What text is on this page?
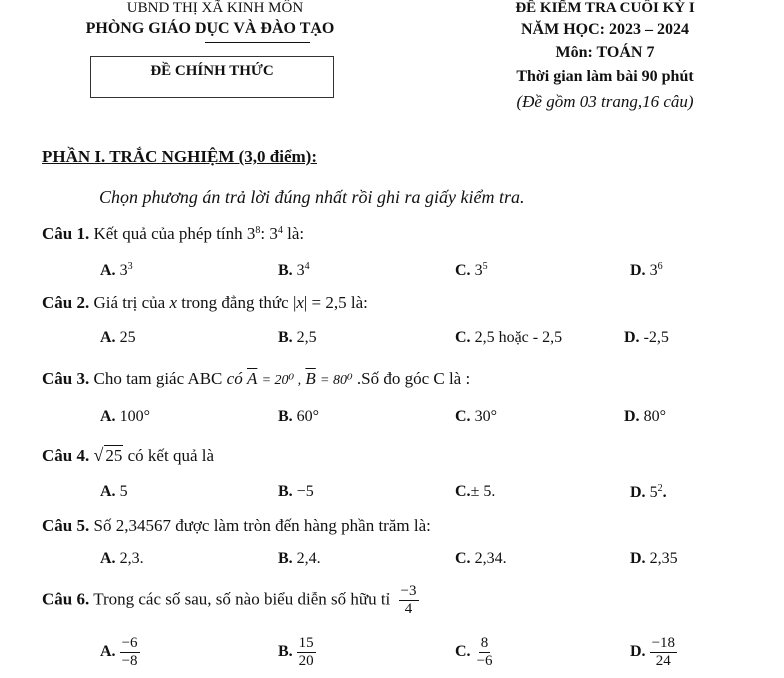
UBND THỊ XÃ KINH MÔN
PHÒNG GIÁO DỤC VÀ ĐÀO TẠO
ĐỀ CHÍNH THỨC
ĐỀ KIỂM TRA CUỐI KỲ I
NĂM HỌC: 2023 – 2024
Môn: TOÁN 7
Thời gian làm bài 90 phút
(Đề gồm 03 trang,16 câu)
PHẦN I. TRẮC NGHIỆM (3,0 điểm):
Chọn phương án trả lời đúng nhất rồi ghi ra giấy kiểm tra.
Câu 1. Kết quả của phép tính $3^8$: $3^4$ là:
A. $3^3$	B. $3^4$	C. $3^5$	D. $3^6$
Câu 2. Giá trị của x trong đẳng thức |x| = 2,5 là:
A. 25	B. 2,5	C. 2,5 hoặc - 2,5	D. -2,5
Câu 3. Cho tam giác ABC có $\overline{A} = 20^0$ , $\overline{B} = 80^0$ .Số đo góc C là :
A. 100°	B. 60°	C. 30°	D. 80°
Câu 4. √ 25 có kết quả là
A. 5	B. −5	C.± 5.	D. $5^2$.
Câu 5. Số 2,34567 được làm tròn đến hàng phần trăm là:
A. 2,3.	B. 2,4.	C. 2,34.	D. 2,35
Câu 6. Trong các số sau, số nào biểu diễn số hữu tỉ $\frac{-3}{4}$
A. $\frac{-6}{-8}$	B. $\frac{15}{20}$	C. $\frac{8}{-6}$	D. $\frac{-18}{24}$
